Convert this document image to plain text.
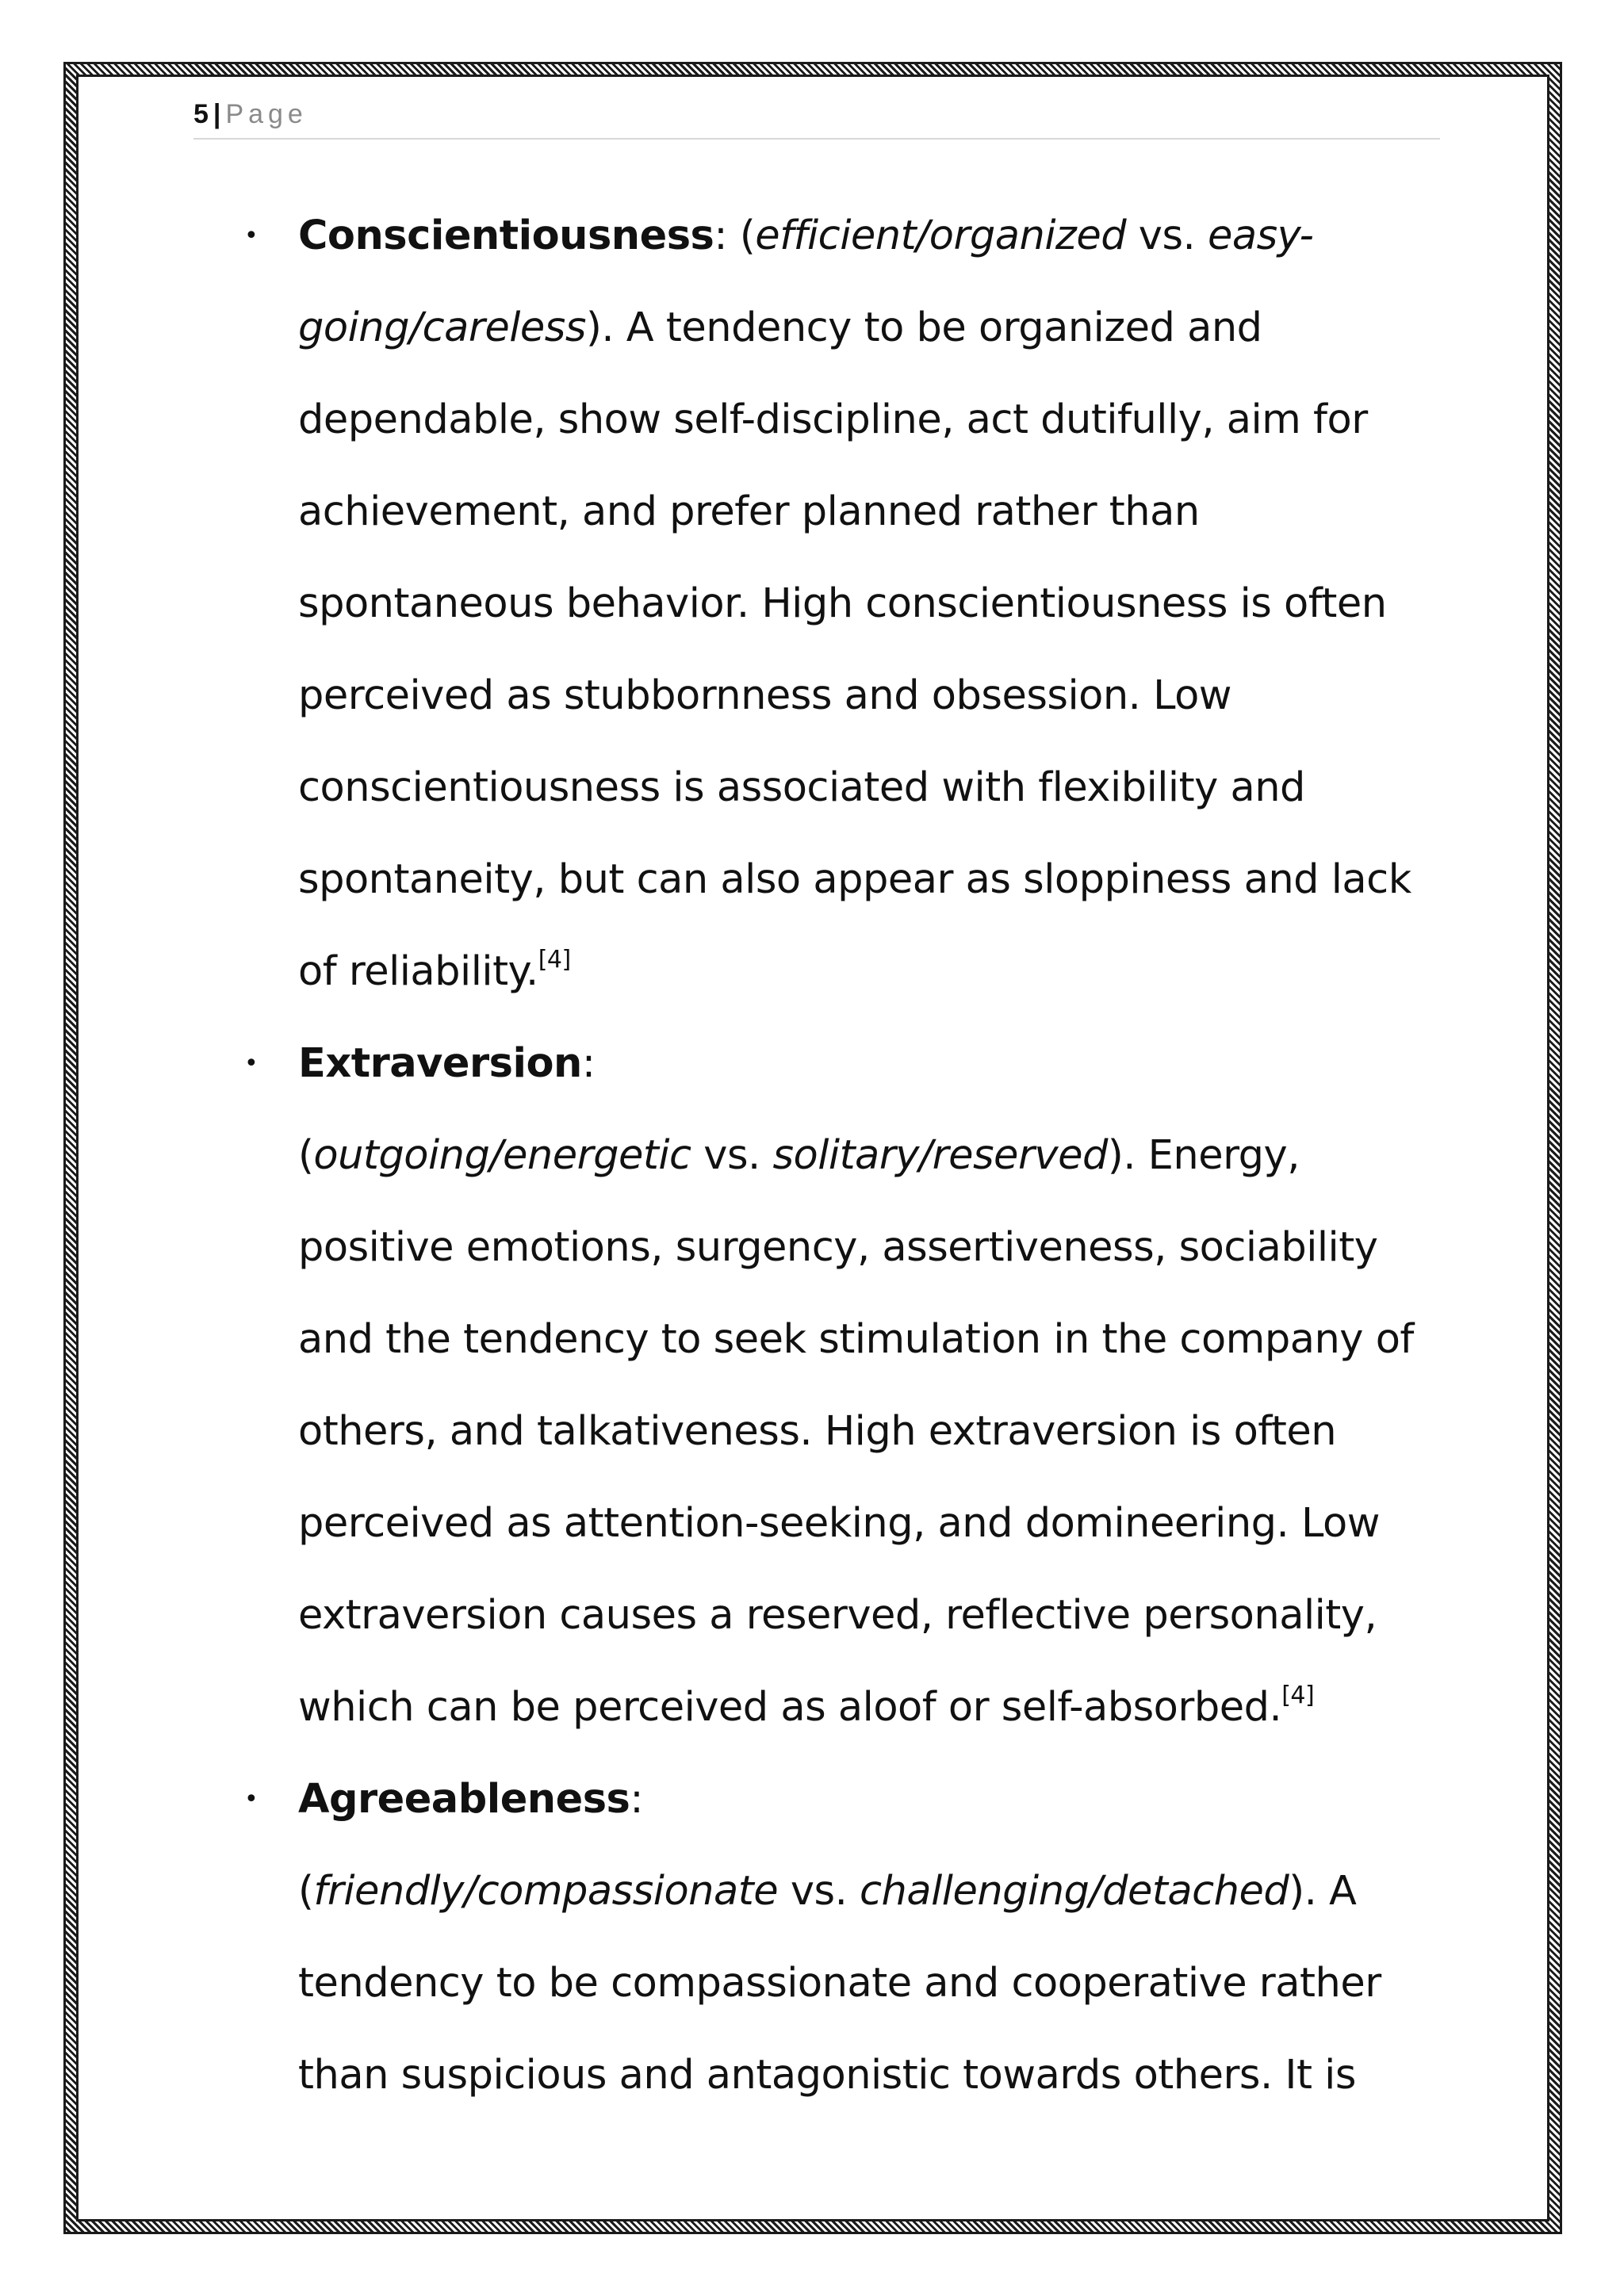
5 | Page
• Conscientiousness: (efficient/organized vs. easy-
going/careless). A tendency to be organized and
dependable, show self-discipline, act dutifully, aim for
achievement, and prefer planned rather than
spontaneous behavior. High conscientiousness is often
perceived as stubbornness and obsession. Low
conscientiousness is associated with flexibility and
spontaneity, but can also appear as sloppiness and lack
of reliability.[4]
• Extraversion:
(outgoing/energetic vs. solitary/reserved). Energy,
positive emotions, surgency, assertiveness, sociability
and the tendency to seek stimulation in the company of
others, and talkativeness. High extraversion is often
perceived as attention-seeking, and domineering. Low
extraversion causes a reserved, reflective personality,
which can be perceived as aloof or self-absorbed.[4]
• Agreeableness:
(friendly/compassionate vs. challenging/detached). A
tendency to be compassionate and cooperative rather
than suspicious and antagonistic towards others. It is
